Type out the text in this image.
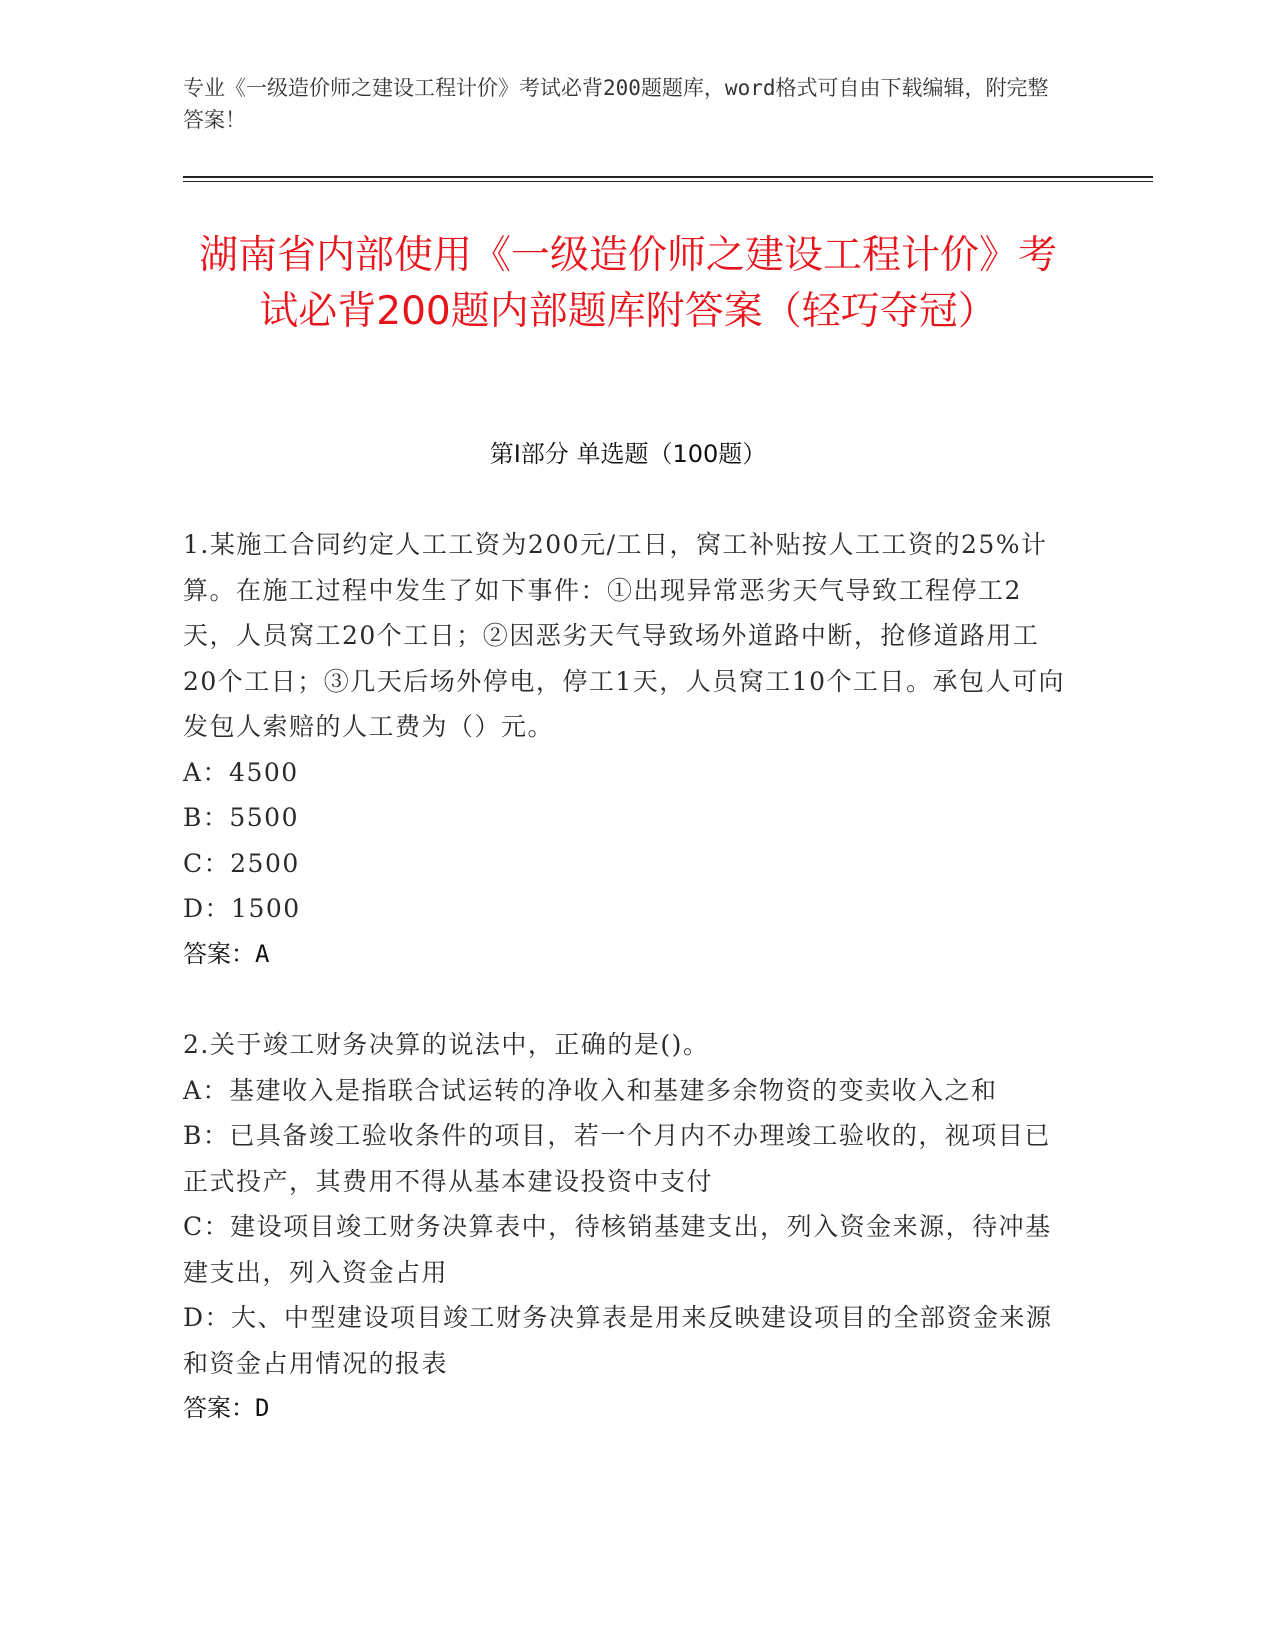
专业《一级造价师之建设工程计价》考试必背200题题库，word格式可自由下载编辑，附完整答案！
湖南省内部使用《一级造价师之建设工程计价》考试必背200题内部题库附答案（轻巧夺冠）
第I部分 单选题（100题）

1.某施工合同约定人工工资为200元/工日，窝工补贴按人工工资的25%计算。在施工过程中发生了如下事件：①出现异常恶劣天气导致工程停工2天，人员窝工20个工日；②因恶劣天气导致场外道路中断，抢修道路用工20个工日；③几天后场外停电，停工1天，人员窝工10个工日。承包人可向发包人索赔的人工费为（）元。

A：4500

B：5500

C：2500

D：1500

答案：A

2.关于竣工财务决算的说法中，正确的是()。

A：基建收入是指联合试运转的净收入和基建多余物资的变卖收入之和

B：已具备竣工验收条件的项目，若一个月内不办理竣工验收的，视项目已正式投产，其费用不得从基本建设投资中支付

C：建设项目竣工财务决算表中，待核销基建支出，列入资金来源，待冲基建支出，列入资金占用

D：大、中型建设项目竣工财务决算表是用来反映建设项目的全部资金来源和资金占用情况的报表

答案：D
